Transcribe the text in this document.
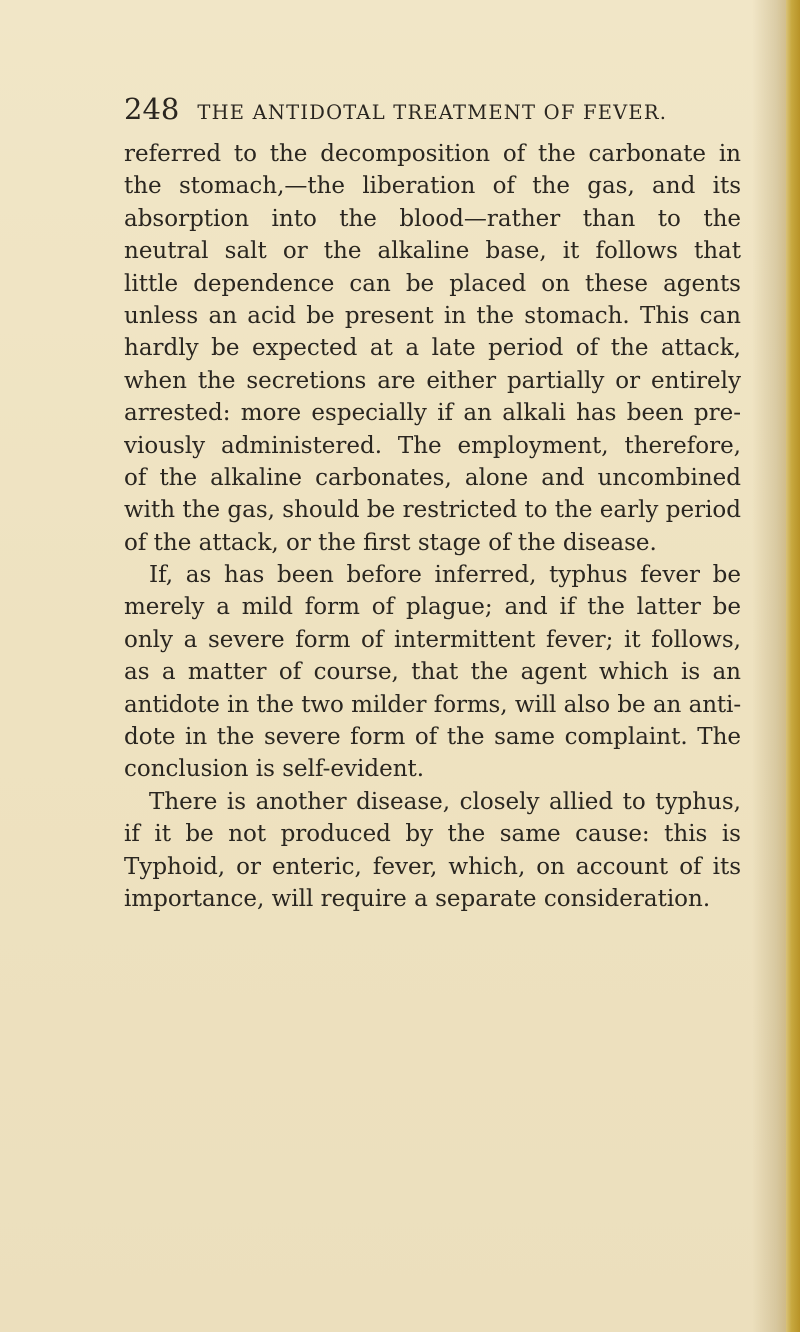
248 THE ANTIDOTAL TREATMENT OF FEVER.
referred to the decomposition of the carbonate in
the stomach,—the liberation of the gas, and its
absorption into the blood—rather than to the
neutral salt or the alkaline base, it follows that
little dependence can be placed on these agents
unless an acid be present in the stomach. This can
hardly be expected at a late period of the attack,
when the secretions are either partially or entirely
arrested: more especially if an alkali has been pre-
viously administered. The employment, therefore,
of the alkaline carbonates, alone and uncombined
with the gas, should be restricted to the early period
of the attack, or the first stage of the disease.
If, as has been before inferred, typhus fever be
merely a mild form of plague; and if the latter be
only a severe form of intermittent fever; it follows,
as a matter of course, that the agent which is an
antidote in the two milder forms, will also be an anti-
dote in the severe form of the same complaint. The
conclusion is self-evident.
There is another disease, closely allied to typhus,
if it be not produced by the same cause: this is
Typhoid, or enteric, fever, which, on account of its
importance, will require a separate consideration.
